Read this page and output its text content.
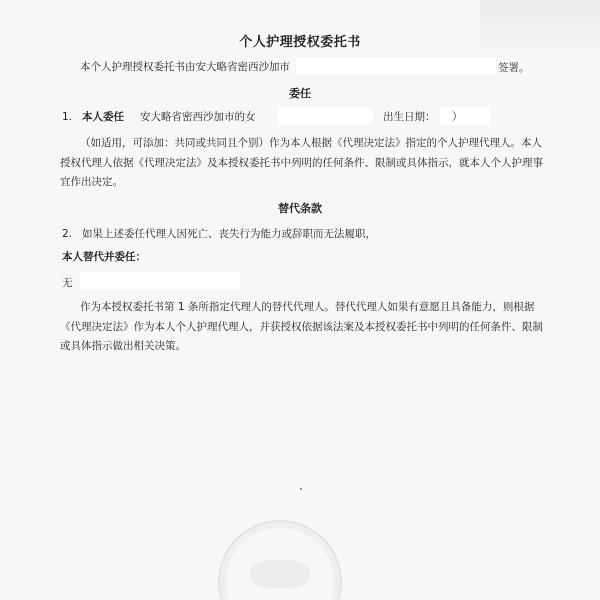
个人护理授权委托书
本个人护理授权委托书由安大略省密西沙加市	签署。
委任
1. 本人委任 安大略省密西沙加市的女	出生日期： ）
（如适用，可添加：共同或共同且个别）作为本人根据《代理决定法》指定的个人护理代理人。本人授权代理人依据《代理决定法》及本授权委托书中列明的任何条件、限制或具体指示，就本人个人护理事宜作出决定。
替代条款
2. 如果上述委任代理人因死亡、丧失行为能力或辞职而无法履职，
本人替代并委任：
无
作为本授权委托书第 1 条所指定代理人的替代代理人。替代代理人如果有意愿且具备能力，则根据《代理决定法》作为本人个人护理代理人，并获授权依据该法案及本授权委托书中列明的任何条件、限制或具体指示做出相关决策。
